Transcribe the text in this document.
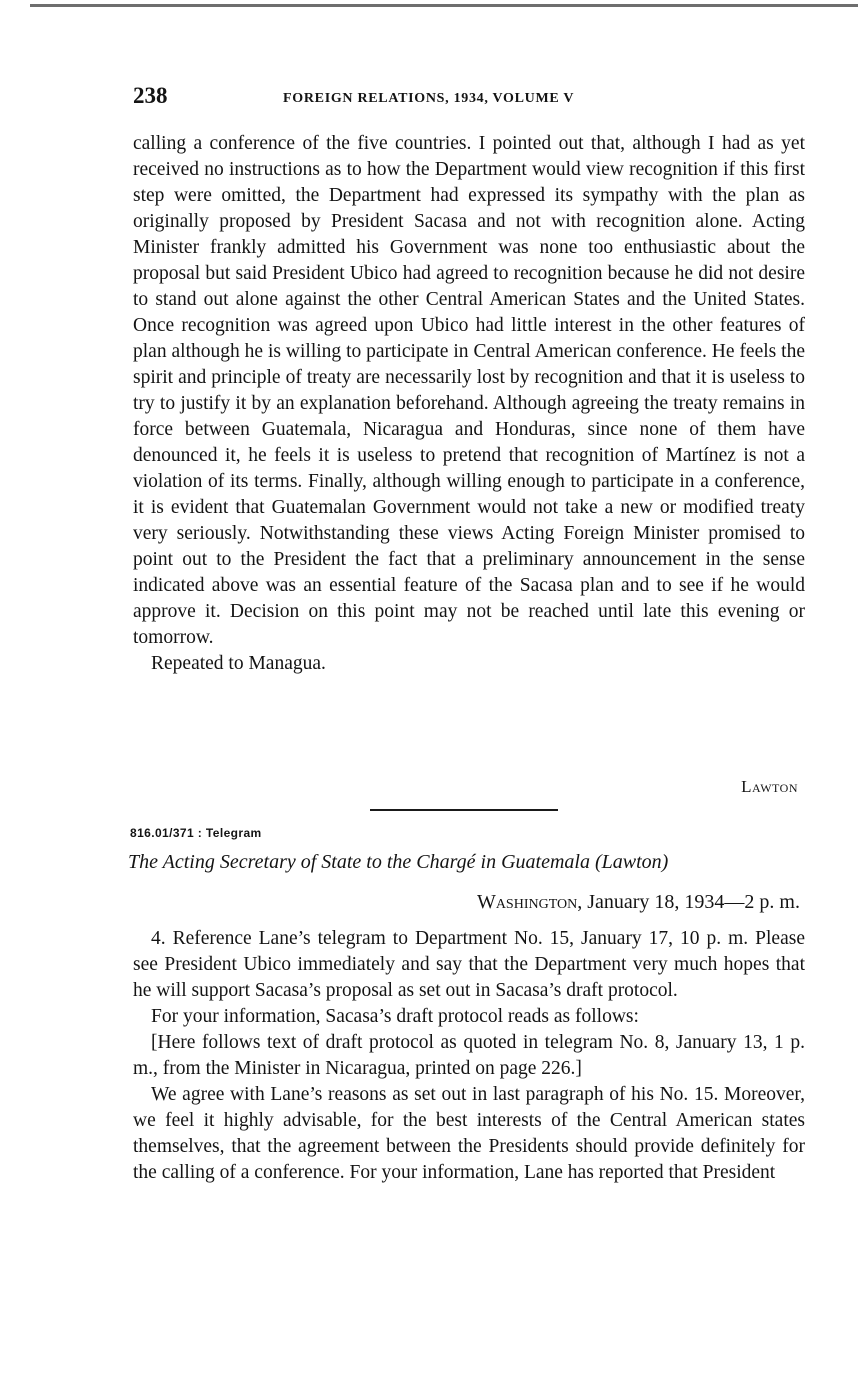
238	FOREIGN RELATIONS, 1934, VOLUME V

calling a conference of the five countries. I pointed out that, although I had as yet received no instructions as to how the Department would view recognition if this first step were omitted, the Department had expressed its sympathy with the plan as originally proposed by President Sacasa and not with recognition alone. Acting Minister frankly admitted his Government was none too enthusiastic about the proposal but said President Ubico had agreed to recognition because he did not desire to stand out alone against the other Central American States and the United States. Once recognition was agreed upon Ubico had little interest in the other features of plan although he is willing to participate in Central American conference. He feels the spirit and principle of treaty are necessarily lost by recognition and that it is useless to try to justify it by an explanation beforehand. Although agreeing the treaty remains in force between Guatemala, Nicaragua and Honduras, since none of them have denounced it, he feels it is useless to pretend that recognition of Martínez is not a violation of its terms. Finally, although willing enough to participate in a conference, it is evident that Guatemalan Government would not take a new or modified treaty very seriously. Notwithstanding these views Acting Foreign Minister promised to point out to the President the fact that a preliminary announcement in the sense indicated above was an essential feature of the Sacasa plan and to see if he would approve it. Decision on this point may not be reached until late this evening or tomorrow.

Repeated to Managua.

Lawton
816.01/371 : Telegram
The Acting Secretary of State to the Chargé in Guatemala (Lawton)
Washington, January 18, 1934—2 p. m.

4. Reference Lane’s telegram to Department No. 15, January 17, 10 p. m. Please see President Ubico immediately and say that the Department very much hopes that he will support Sacasa’s proposal as set out in Sacasa’s draft protocol.

For your information, Sacasa’s draft protocol reads as follows:

[Here follows text of draft protocol as quoted in telegram No. 8, January 13, 1 p. m., from the Minister in Nicaragua, printed on page 226.]

We agree with Lane’s reasons as set out in last paragraph of his No. 15. Moreover, we feel it highly advisable, for the best interests of the Central American states themselves, that the agreement between the Presidents should provide definitely for the calling of a conference. For your information, Lane has reported that President
